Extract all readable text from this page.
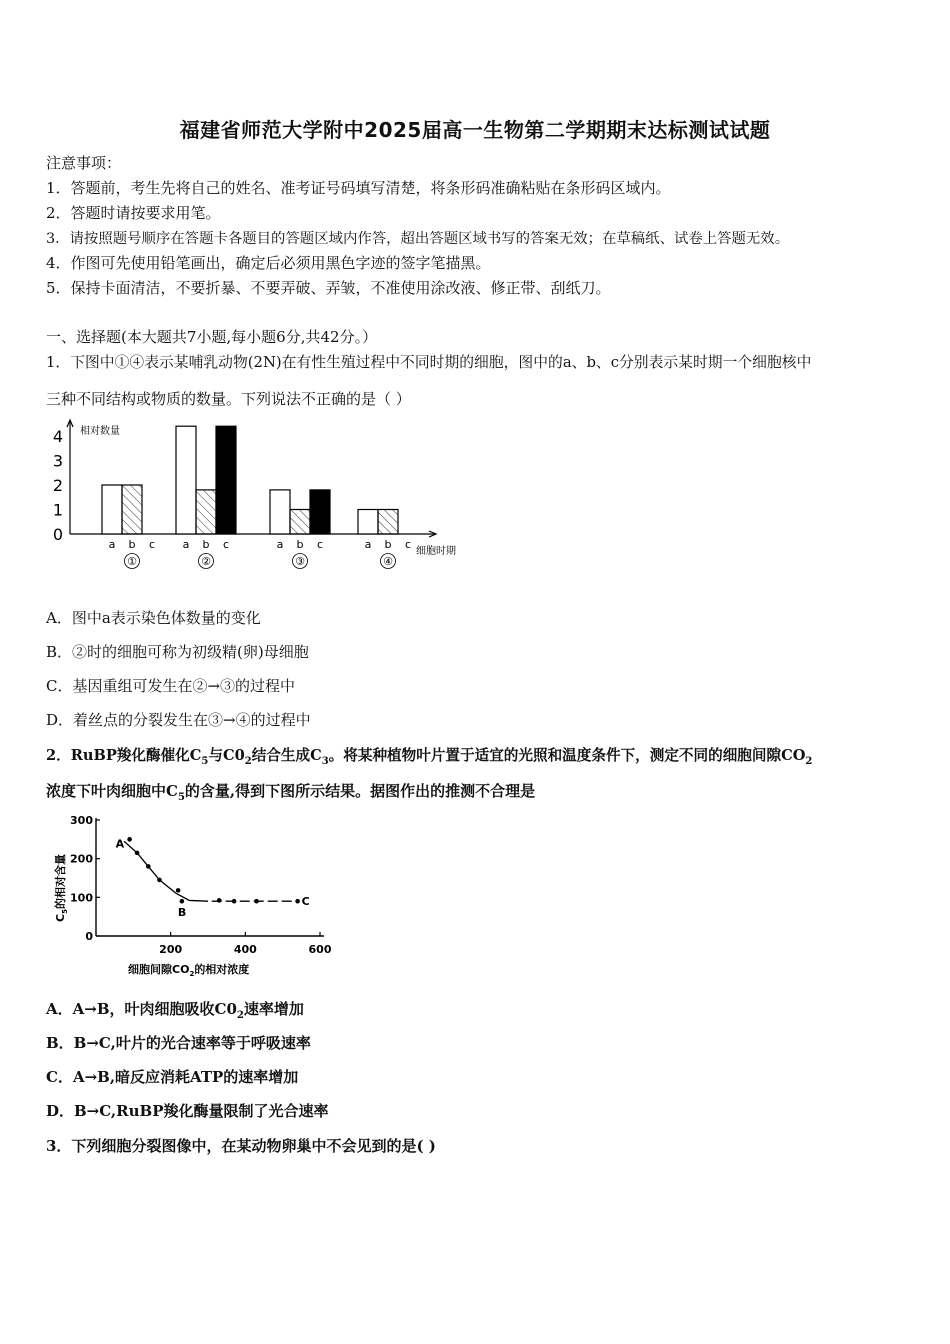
福建省师范大学附中2025届高一生物第二学期期末达标测试试题
注意事项：
1．答题前，考生先将自己的姓名、准考证号码填写清楚，将条形码准确粘贴在条形码区域内。
2．答题时请按要求用笔。
3．请按照题号顺序在答题卡各题目的答题区域内作答，超出答题区域书写的答案无效；在草稿纸、试卷上答题无效。
4．作图可先使用铅笔画出，确定后必须用黑色字迹的签字笔描黑。
5．保持卡面清洁，不要折暴、不要弄破、弄皱，不准使用涂改液、修正带、刮纸刀。
一、选择题(本大题共7小题,每小题6分,共42分。）
1．下图中①④表示某哺乳动物(2N)在有性生殖过程中不同时期的细胞，图中的a、b、c分别表示某时期一个细胞核中
三种不同结构或物质的数量。下列说法不正确的是（ ）
相对数量
细胞时期
0
1
2
3
4
a b c
①
a b c
②
a b c
③
a b c
④
A．图中a表示染色体数量的变化
B．②时的细胞可称为初级精(卵)母细胞
C．基因重组可发生在②→③的过程中
D．着丝点的分裂发生在③→④的过程中
2．RuBP羧化酶催化$C_5$与$C0_2$结合生成$C_3$。将某种植物叶片置于适宜的光照和温度条件下，测定不同的细胞间隙$CO_2$
浓度下叶肉细胞中$C_5$的含量,得到下图所示结果。据图作出的推测不合理是
0
100
200
300
200	400	600
细胞间隙$CO_2$的相对浓度
$C_5$的相对含量
A
B
C
A．A→B，叶肉细胞吸收$C0_2$速率增加
B．B→C,叶片的光合速率等于呼吸速率
C．A→B,暗反应消耗ATP的速率增加
D．B→C,RuBP羧化酶量限制了光合速率
3．下列细胞分裂图像中，在某动物卵巢中不会见到的是( )
